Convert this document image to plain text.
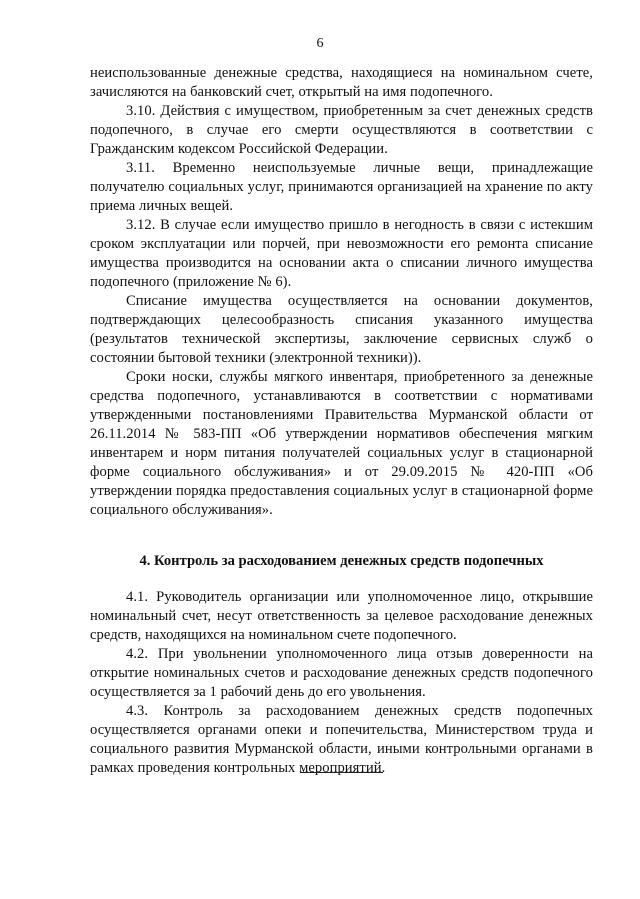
6

неиспользованные денежные средства, находящиеся на номинальном счете, зачисляются на банковский счет, открытый на имя подопечного.

3.10. Действия с имуществом, приобретенным за счет денежных средств подопечного, в случае его смерти осуществляются в соответствии с Гражданским кодексом Российской Федерации.

3.11. Временно неиспользуемые личные вещи, принадлежащие получателю социальных услуг, принимаются организацией на хранение по акту приема личных вещей.

3.12. В случае если имущество пришло в негодность в связи с истекшим сроком эксплуатации или порчей, при невозможности его ремонта списание имущества производится на основании акта о списании личного имущества подопечного (приложение № 6).

Списание имущества осуществляется на основании документов, подтверждающих целесообразность списания указанного имущества (результатов технической экспертизы, заключение сервисных служб о состоянии бытовой техники (электронной техники)).

Сроки носки, службы мягкого инвентаря, приобретенного за денежные средства подопечного, устанавливаются в соответствии с нормативами утвержденными постановлениями Правительства Мурманской области от 26.11.2014 № 583-ПП «Об утверждении нормативов обеспечения мягким инвентарем и норм питания получателей социальных услуг в стационарной форме социального обслуживания» и от 29.09.2015 № 420-ПП «Об утверждении порядка предоставления социальных услуг в стационарной форме социального обслуживания».

4. Контроль за расходованием денежных средств подопечных

4.1. Руководитель организации или уполномоченное лицо, открывшие номинальный счет, несут ответственность за целевое расходование денежных средств, находящихся на номинальном счете подопечного.

4.2. При увольнении уполномоченного лица отзыв доверенности на открытие номинальных счетов и расходование денежных средств подопечного осуществляется за 1 рабочий день до его увольнения.

4.3. Контроль за расходованием денежных средств подопечных осуществляется органами опеки и попечительства, Министерством труда и социального развития Мурманской области, иными контрольными органами в рамках проведения контрольных мероприятий.
